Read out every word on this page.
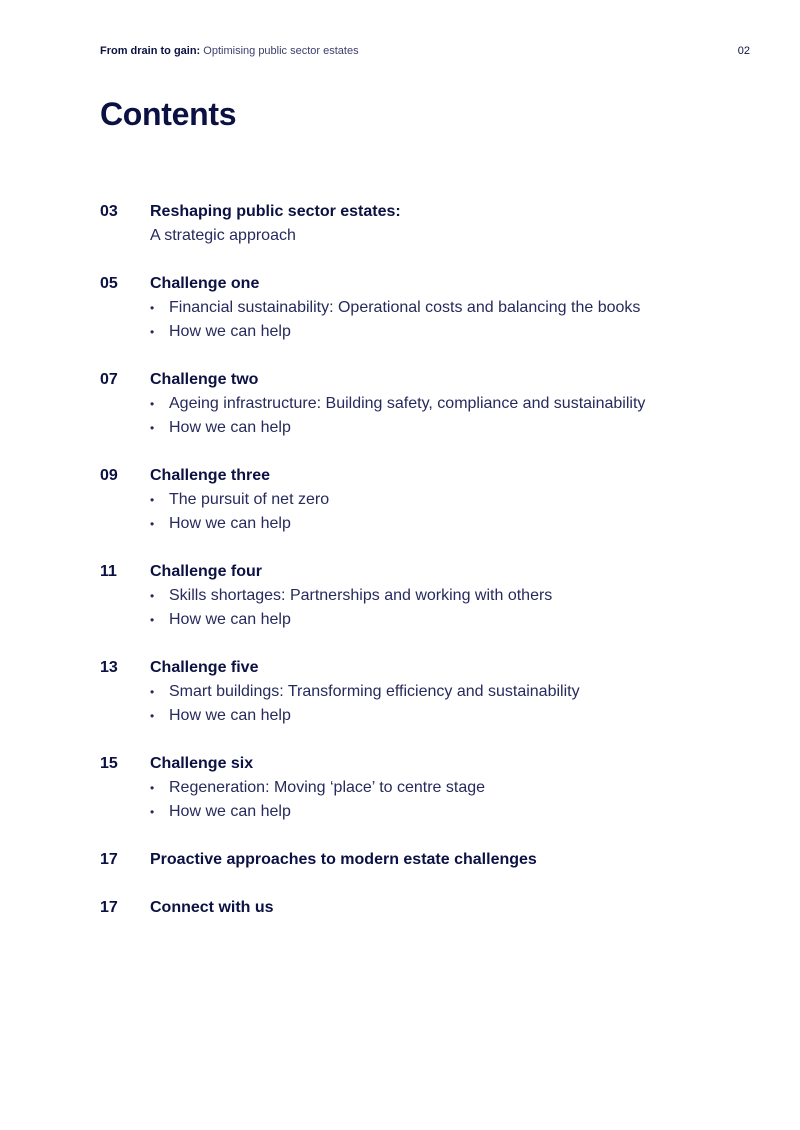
From drain to gain: Optimising public sector estates	02
Contents
03	Reshaping public sector estates:
A strategic approach
05	Challenge one
• Financial sustainability: Operational costs and balancing the books
• How we can help
07	Challenge two
• Ageing infrastructure: Building safety, compliance and sustainability
• How we can help
09	Challenge three
• The pursuit of net zero
• How we can help
11	Challenge four
• Skills shortages: Partnerships and working with others
• How we can help
13	Challenge five
• Smart buildings: Transforming efficiency and sustainability
• How we can help
15	Challenge six
• Regeneration: Moving ‘place’ to centre stage
• How we can help
17	Proactive approaches to modern estate challenges
17	Connect with us
